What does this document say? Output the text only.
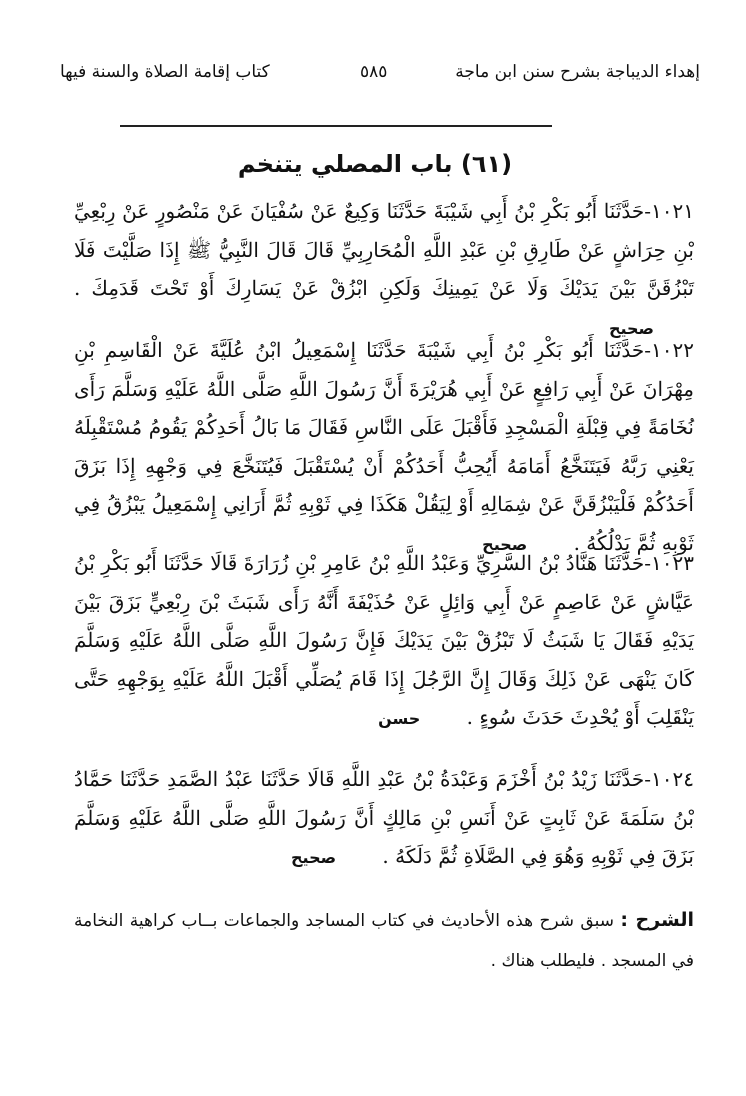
إهداء الديباجة بشرح سنن ابن ماجة
٥٨٥
كتاب إقامة الصلاة والسنة فيها
(٦١) باب المصلي يتنخم
١٠٢١-حَدَّثَنَا أَبُو بَكْرِ بْنُ أَبِي شَيْبَةَ حَدَّثَنَا وَكِيعٌ عَنْ سُفْيَانَ عَنْ مَنْصُورٍ عَنْ رِبْعِيِّ بْنِ حِرَاشٍ عَنْ طَارِقِ بْنِ عَبْدِ اللَّهِ الْمُحَارِبِيِّ قَالَ قَالَ النَّبِيُّ ﷺ إِذَا صَلَّيْتَ فَلَا تَبْزُقَنَّ بَيْنَ يَدَيْكَ وَلَا عَنْ يَمِينِكَ وَلَكِنِ ابْزُقْ عَنْ يَسَارِكَ أَوْ تَحْتَ قَدَمِكَ . صحيح
١٠٢٢-حَدَّثَنَا أَبُو بَكْرِ بْنُ أَبِي شَيْبَةَ حَدَّثَنَا إِسْمَعِيلُ ابْنُ عُلَيَّةَ عَنْ الْقَاسِمِ بْنِ مِهْرَانَ عَنْ أَبِي رَافِعٍ عَنْ أَبِي هُرَيْرَةَ أَنَّ رَسُولَ اللَّهِ صَلَّى اللَّهُ عَلَيْهِ وَسَلَّمَ رَأَى نُخَامَةً فِي قِبْلَةِ الْمَسْجِدِ فَأَقْبَلَ عَلَى النَّاسِ فَقَالَ مَا بَالُ أَحَدِكُمْ يَقُومُ مُسْتَقْبِلَهُ يَعْنِي رَبَّهُ فَيَتَنَخَّعُ أَمَامَهُ أَيُحِبُّ أَحَدُكُمْ أَنْ يُسْتَقْبَلَ فَيُتَنَخَّعَ فِي وَجْهِهِ إِذَا بَزَقَ أَحَدُكُمْ فَلْيَبْزُقَنَّ عَنْ شِمَالِهِ أَوْ لِيَقُلْ هَكَذَا فِي ثَوْبِهِ ثُمَّ أَرَانِي إِسْمَعِيلُ يَبْزُقُ فِي ثَوْبِهِ ثُمَّ يَدْلُكُهُ . صحيح
١٠٢٣-حَدَّثَنَا هَنَّادُ بْنُ السَّرِيِّ وَعَبْدُ اللَّهِ بْنُ عَامِرِ بْنِ زُرَارَةَ قَالَا حَدَّثَنَا أَبُو بَكْرِ بْنُ عَيَّاشٍ عَنْ عَاصِمٍ عَنْ أَبِي وَائِلٍ عَنْ حُذَيْفَةَ أَنَّهُ رَأَى شَبَثَ بْنَ رِبْعِيٍّ بَزَقَ بَيْنَ يَدَيْهِ فَقَالَ يَا شَبَثُ لَا تَبْزُقْ بَيْنَ يَدَيْكَ فَإِنَّ رَسُولَ اللَّهِ صَلَّى اللَّهُ عَلَيْهِ وَسَلَّمَ كَانَ يَنْهَى عَنْ ذَلِكَ وَقَالَ إِنَّ الرَّجُلَ إِذَا قَامَ يُصَلِّي أَقْبَلَ اللَّهُ عَلَيْهِ بِوَجْهِهِ حَتَّى يَنْقَلِبَ أَوْ يُحْدِثَ حَدَثَ سُوءٍ . حسن
١٠٢٤-حَدَّثَنَا زَيْدُ بْنُ أَخْزَمَ وَعَبْدَةُ بْنُ عَبْدِ اللَّهِ قَالَا حَدَّثَنَا عَبْدُ الصَّمَدِ حَدَّثَنَا حَمَّادُ بْنُ سَلَمَةَ عَنْ ثَابِتٍ عَنْ أَنَسِ بْنِ مَالِكٍ أَنَّ رَسُولَ اللَّهِ صَلَّى اللَّهُ عَلَيْهِ وَسَلَّمَ بَزَقَ فِي ثَوْبِهِ وَهُوَ فِي الصَّلَاةِ ثُمَّ دَلَكَهُ . صحيح
الشرح : سبق شرح هذه الأحاديث في كتاب المساجد والجماعات بــاب كراهية النخامة في المسجد . فليطلب هناك .
